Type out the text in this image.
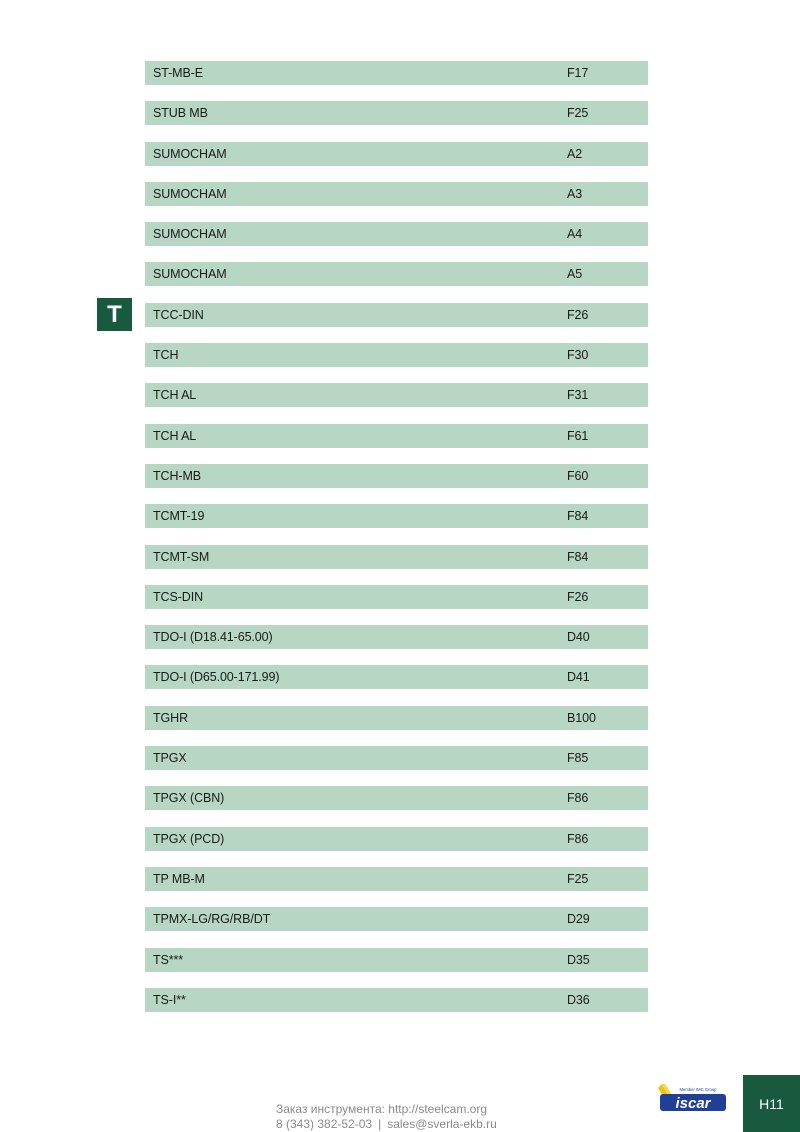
T
ST-MB-E	F17
STUB MB	F25
SUMOCHAM	A2
SUMOCHAM	A3
SUMOCHAM	A4
SUMOCHAM	A5
TCC-DIN	F26
TCH	F30
TCH AL	F31
TCH AL	F61
TCH-MB	F60
TCMT-19	F84
TCMT-SM	F84
TCS-DIN	F26
TDO-I (D18.41-65.00)	D40
TDO-I (D65.00-171.99)	D41
TGHR	B100
TPGX	F85
TPGX (CBN)	F86
TPGX (PCD)	F86
TP MB-M	F25
TPMX-LG/RG/RB/DT	D29
TS***	D35
TS-I**	D36
Заказ инструмента: http://steelcam.org
8 (343) 382-52-03 | sales@sverla-ekb.ru
Member IMC Group
iscar	H11
